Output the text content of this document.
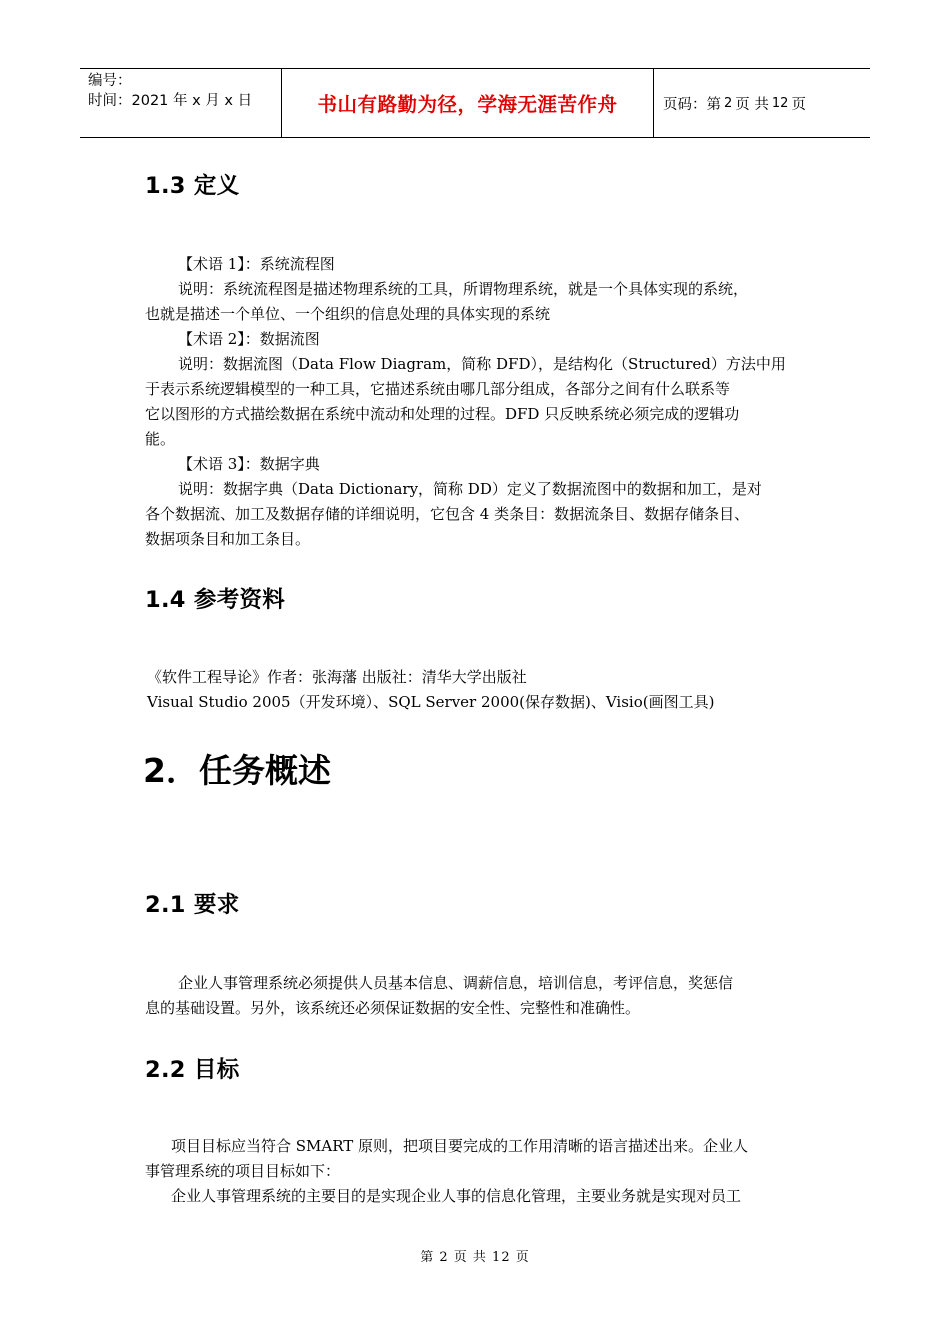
编号：
时间：2021 年 x 月 x 日	书山有路勤为径，学海无涯苦作舟	页码：第 2 页 共 12 页
1.3 定义
【术语 1】：系统流程图
说明：系统流程图是描述物理系统的工具，所谓物理系统，就是一个具体实现的系统，
也就是描述一个单位、一个组织的信息处理的具体实现的系统
【术语 2】：数据流图
说明：数据流图（Data Flow Diagram，简称 DFD），是结构化（Structured）方法中用
于表示系统逻辑模型的一种工具，它描述系统由哪几部分组成，各部分之间有什么联系等
它以图形的方式描绘数据在系统中流动和处理的过程。DFD 只反映系统必须完成的逻辑功
能。
【术语 3】：数据字典
说明：数据字典（Data Dictionary，简称 DD）定义了数据流图中的数据和加工，是对
各个数据流、加工及数据存储的详细说明，它包含 4 类条目：数据流条目、数据存储条目、
数据项条目和加工条目。
1.4 参考资料
《软件工程导论》作者：张海藩 出版社：清华大学出版社
Visual Studio 2005（开发环境）、SQL Server 2000(保存数据)、Visio(画图工具)
2．任务概述
2.1 要求
企业人事管理系统必须提供人员基本信息、调薪信息，培训信息，考评信息，奖惩信
息的基础设置。另外，该系统还必须保证数据的安全性、完整性和准确性。
2.2 目标
项目目标应当符合 SMART 原则，把项目要完成的工作用清晰的语言描述出来。企业人
事管理系统的项目目标如下：
企业人事管理系统的主要目的是实现企业人事的信息化管理，主要业务就是实现对员工
第 2 页 共 12 页
